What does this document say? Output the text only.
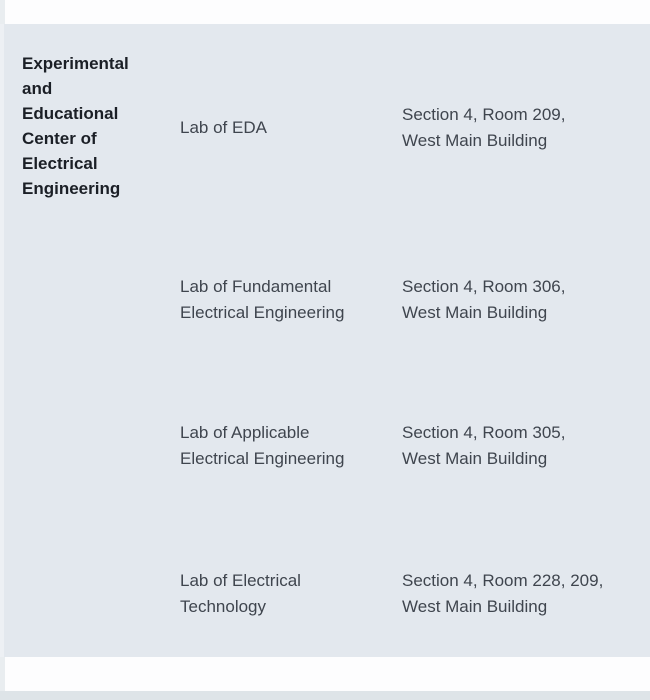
Experimental
and
Educational
Center of
Electrical
Engineering
Lab of EDA
Section 4, Room 209,
West Main Building
Lab of Fundamental
Electrical Engineering
Section 4, Room 306,
West Main Building
Lab of Applicable
Electrical Engineering
Section 4, Room 305,
West Main Building
Lab of Electrical
Technology
Section 4, Room 228, 209,
West Main Building
